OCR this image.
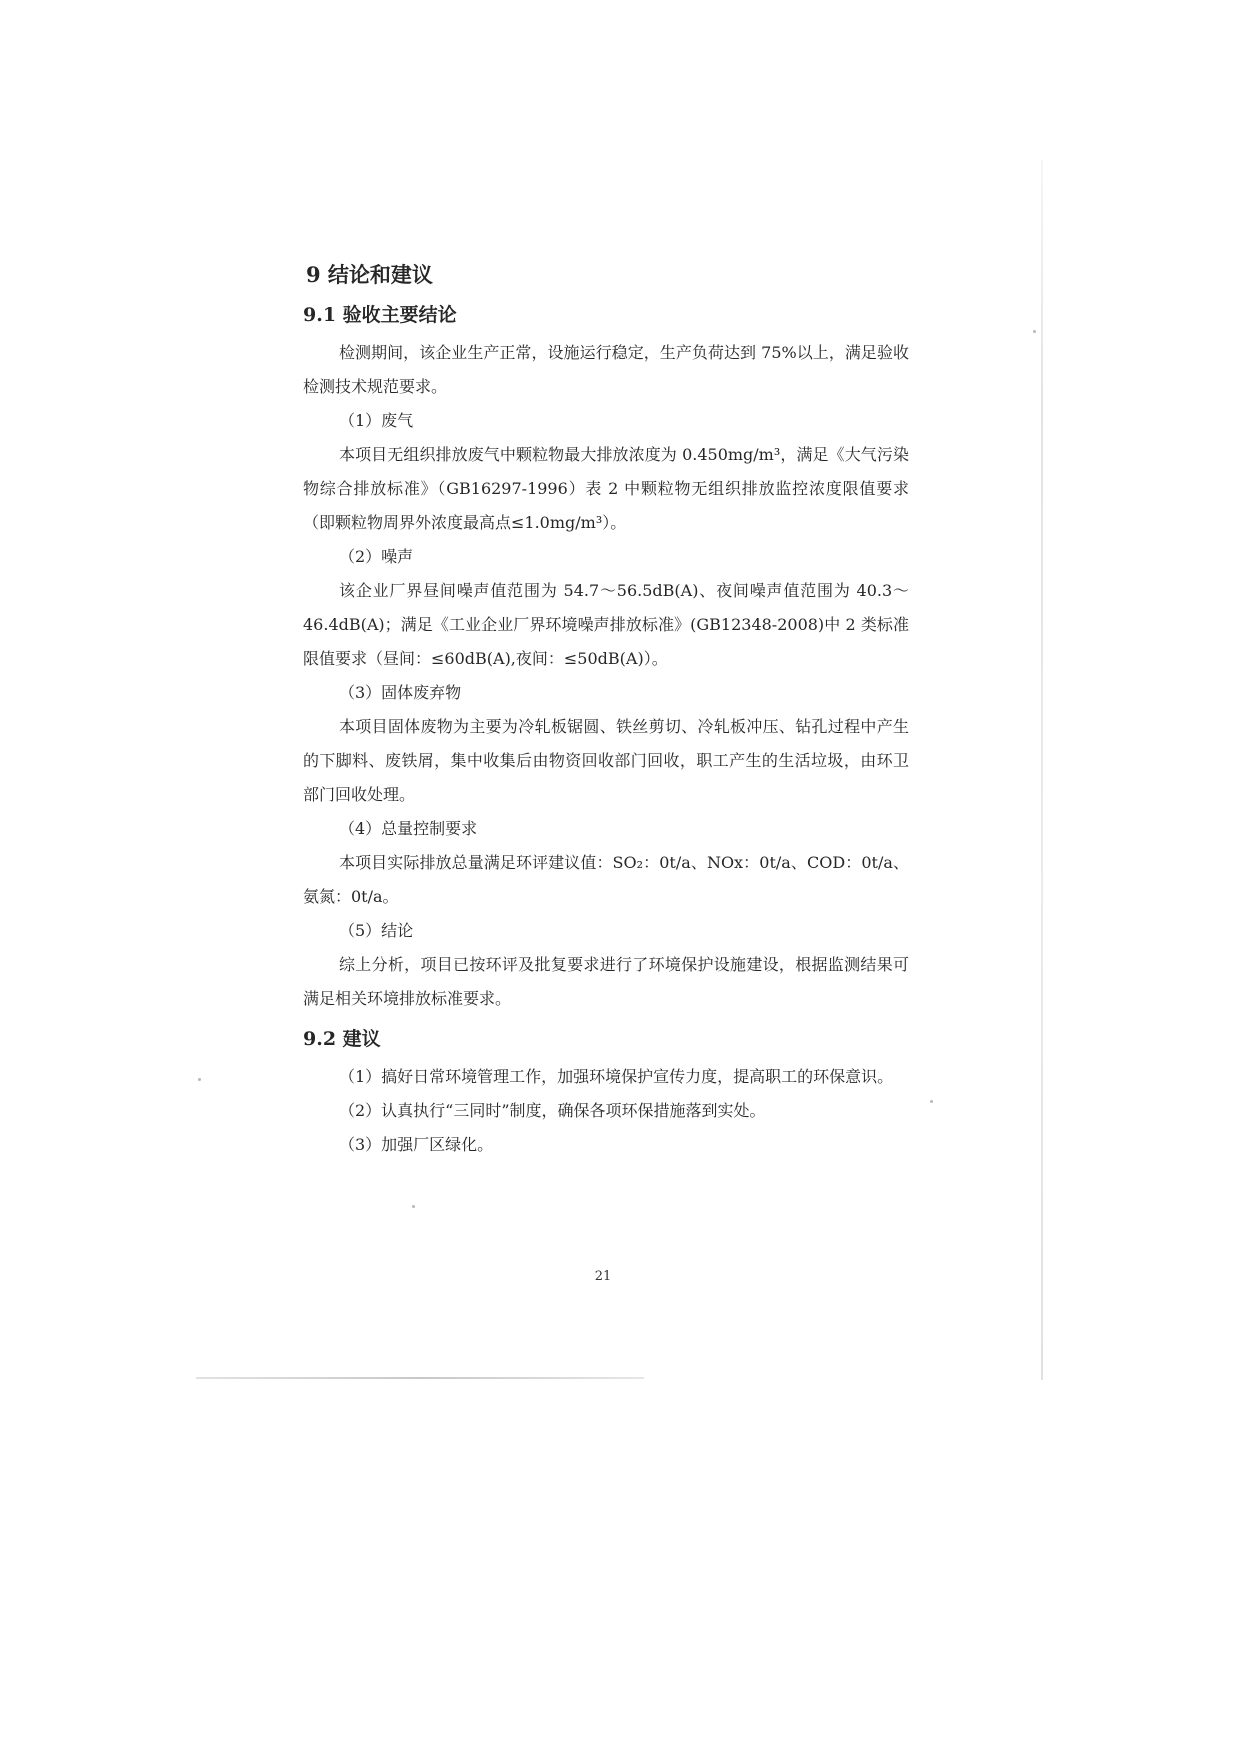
9 结论和建议
9.1 验收主要结论

检测期间，该企业生产正常，设施运行稳定，生产负荷达到 75%以上，满足验收检测技术规范要求。

（1）废气

本项目无组织排放废气中颗粒物最大排放浓度为 0.450mg/m³，满足《大气污染物综合排放标准》（GB16297-1996）表 2 中颗粒物无组织排放监控浓度限值要求（即颗粒物周界外浓度最高点≤1.0mg/m³）。

（2）噪声

该企业厂界昼间噪声值范围为 54.7～56.5dB(A)、夜间噪声值范围为 40.3～46.4dB(A)；满足《工业企业厂界环境噪声排放标准》(GB12348-2008)中 2 类标准限值要求（昼间：≤60dB(A),夜间：≤50dB(A)）。

（3）固体废弃物

本项目固体废物为主要为冷轧板锯圆、铁丝剪切、冷轧板冲压、钻孔过程中产生的下脚料、废铁屑，集中收集后由物资回收部门回收，职工产生的生活垃圾，由环卫部门回收处理。

（4）总量控制要求

本项目实际排放总量满足环评建议值：SO₂：0t/a、NOx：0t/a、COD：0t/a、氨氮：0t/a。

（5）结论

综上分析，项目已按环评及批复要求进行了环境保护设施建设，根据监测结果可满足相关环境排放标准要求。

9.2 建议

（1）搞好日常环境管理工作，加强环境保护宣传力度，提高职工的环保意识。

（2）认真执行“三同时”制度，确保各项环保措施落到实处。

（3）加强厂区绿化。

21
